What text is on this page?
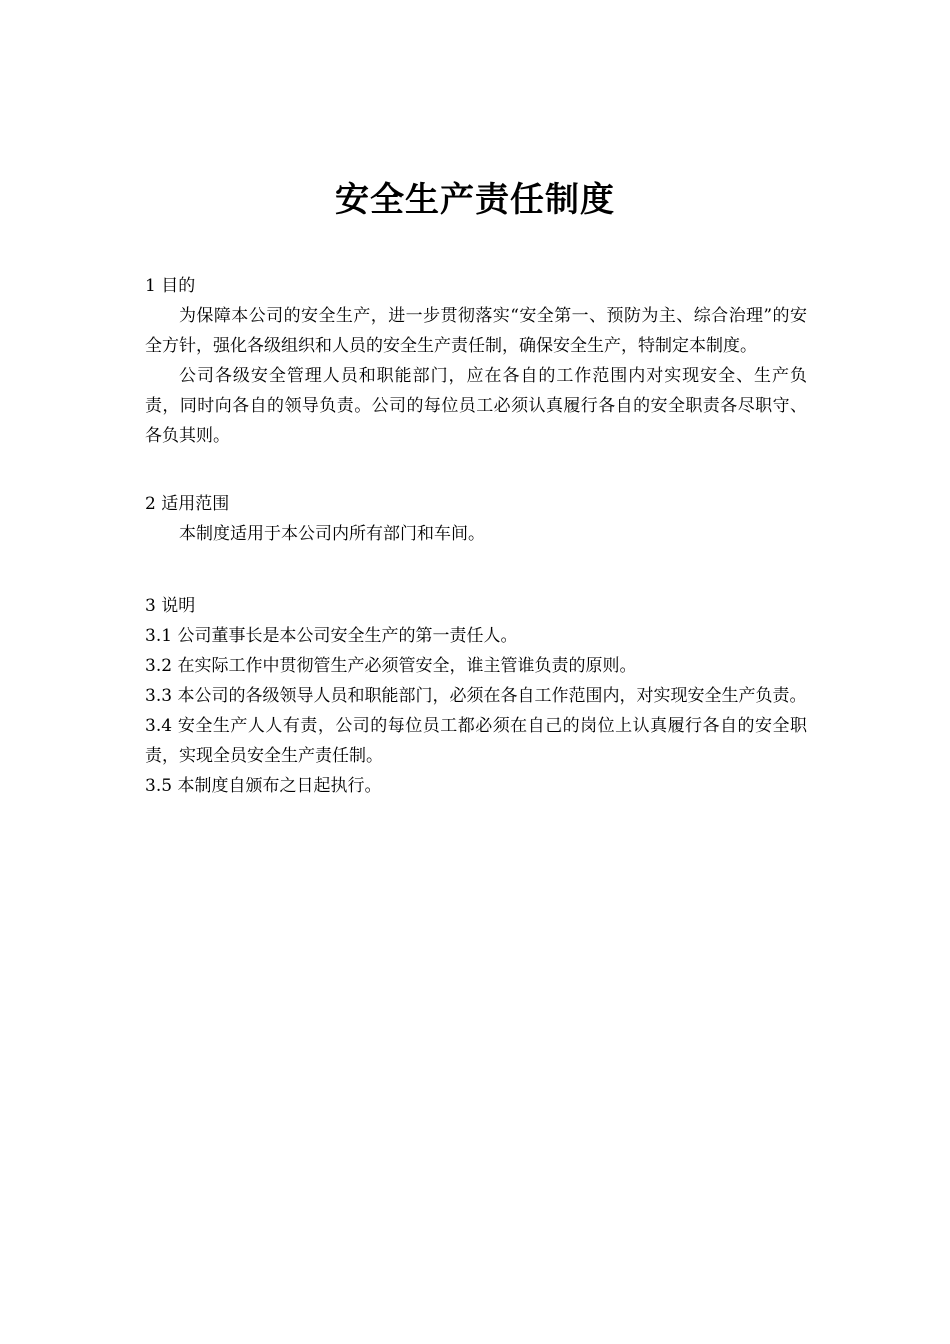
安全生产责任制度

1 目的

为保障本公司的安全生产，进一步贯彻落实“安全第一、预防为主、综合治理”的安全方针，强化各级组织和人员的安全生产责任制，确保安全生产，特制定本制度。

公司各级安全管理人员和职能部门，应在各自的工作范围内对实现安全、生产负责，同时向各自的领导负责。公司的每位员工必须认真履行各自的安全职责各尽职守、各负其则。

2 适用范围

本制度适用于本公司内所有部门和车间。

3 说明

3.1 公司董事长是本公司安全生产的第一责任人。

3.2 在实际工作中贯彻管生产必须管安全，谁主管谁负责的原则。

3.3 本公司的各级领导人员和职能部门，必须在各自工作范围内，对实现安全生产负责。

3.4 安全生产人人有责，公司的每位员工都必须在自己的岗位上认真履行各自的安全职责，实现全员安全生产责任制。

3.5 本制度自颁布之日起执行。
